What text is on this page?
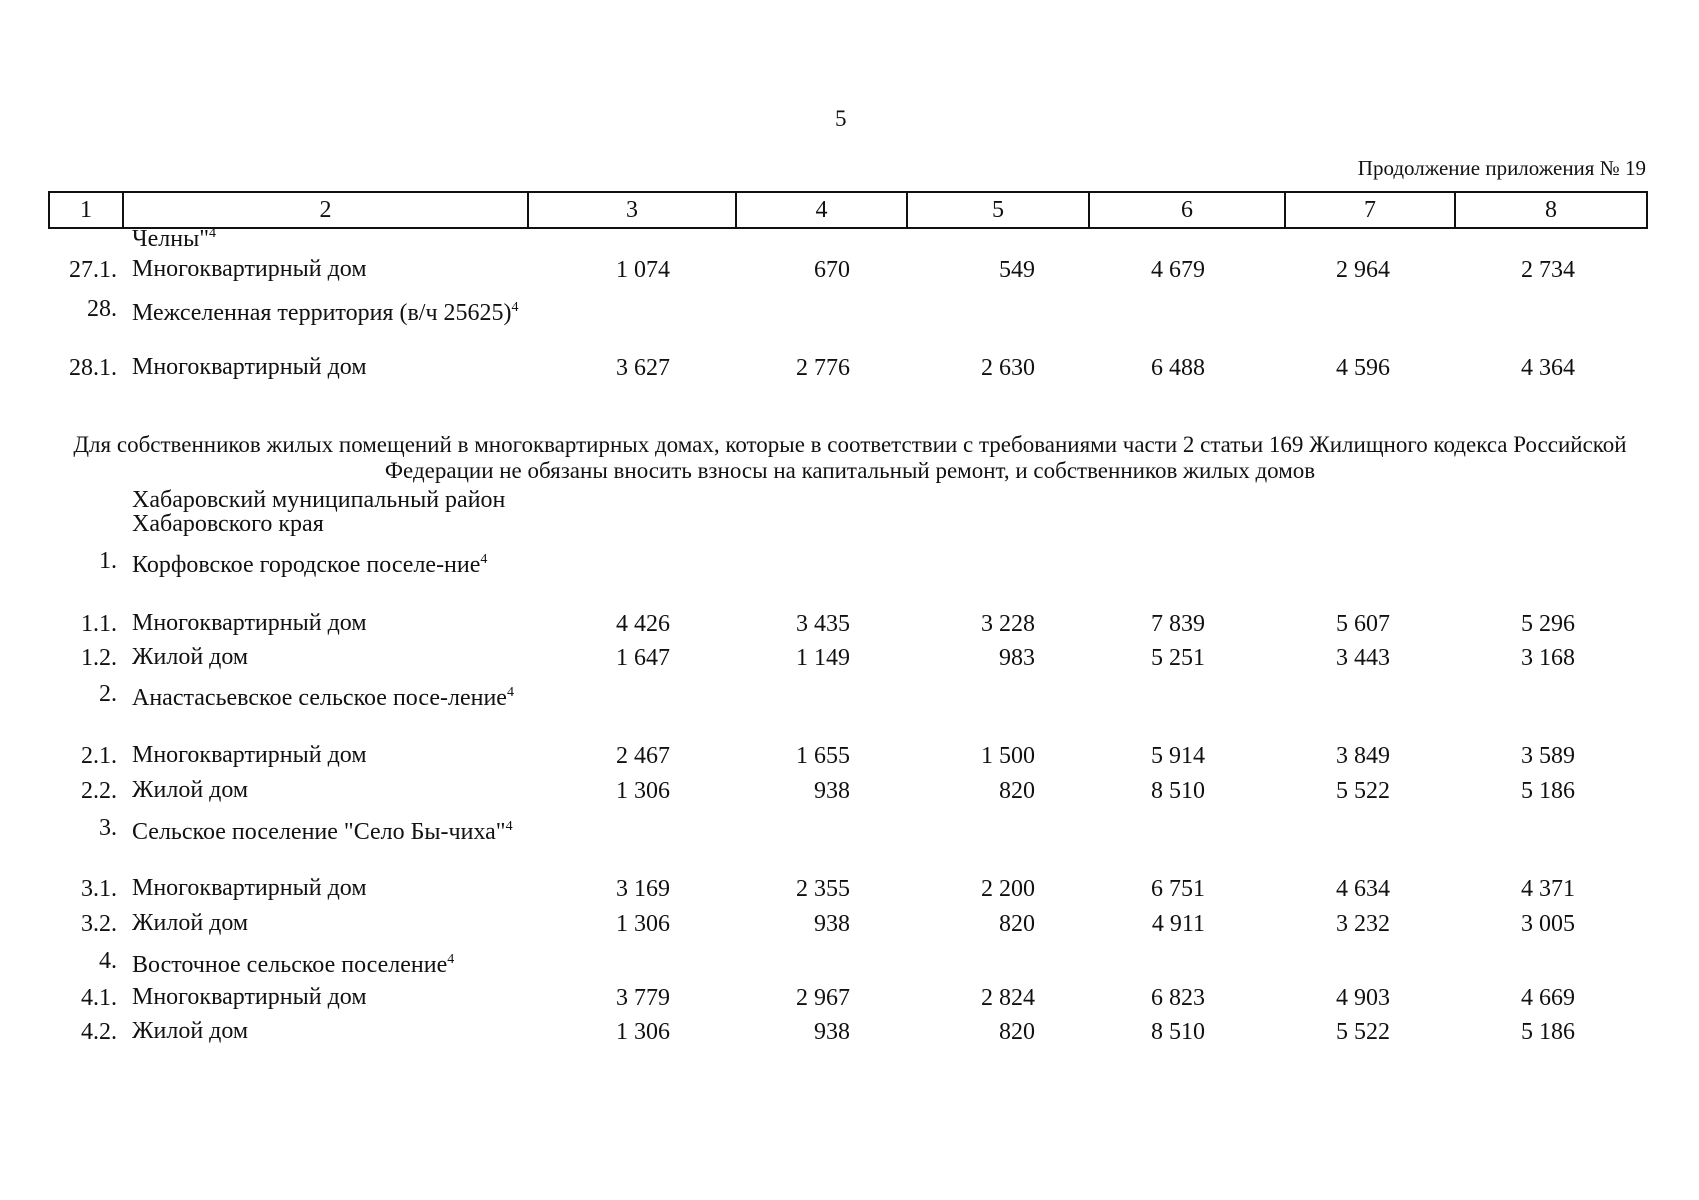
5
Продолжение приложения № 19
1	2	3	4	5	6	7	8
Челны"$^4$
27.1. Многоквартирный дом	1 074	670	549	4 679	2 964	2 734
28. Межселенная территория (в/ч 25625)$^4$
28.1. Многоквартирный дом	3 627	2 776	2 630	6 488	4 596	4 364
Для собственников жилых помещений в многоквартирных домах, которые в соответствии с требованиями части 2 статьи 169 Жилищного кодекса Российской Федерации не обязаны вносить взносы на капитальный ремонт, и собственников жилых домов
Хабаровский муниципальный район Хабаровского края
1. Корфовское городское поселе-ние$^4$
1.1. Многоквартирный дом	4 426	3 435	3 228	7 839	5 607	5 296
1.2. Жилой дом	1 647	1 149	983	5 251	3 443	3 168
2. Анастасьевское сельское посе-ление$^4$
2.1. Многоквартирный дом	2 467	1 655	1 500	5 914	3 849	3 589
2.2. Жилой дом	1 306	938	820	8 510	5 522	5 186
3. Сельское поселение "Село Бы-чиха"$^4$
3.1. Многоквартирный дом	3 169	2 355	2 200	6 751	4 634	4 371
3.2. Жилой дом	1 306	938	820	4 911	3 232	3 005
4. Восточное сельское поселение$^4$
4.1. Многоквартирный дом	3 779	2 967	2 824	6 823	4 903	4 669
4.2. Жилой дом	1 306	938	820	8 510	5 522	5 186
